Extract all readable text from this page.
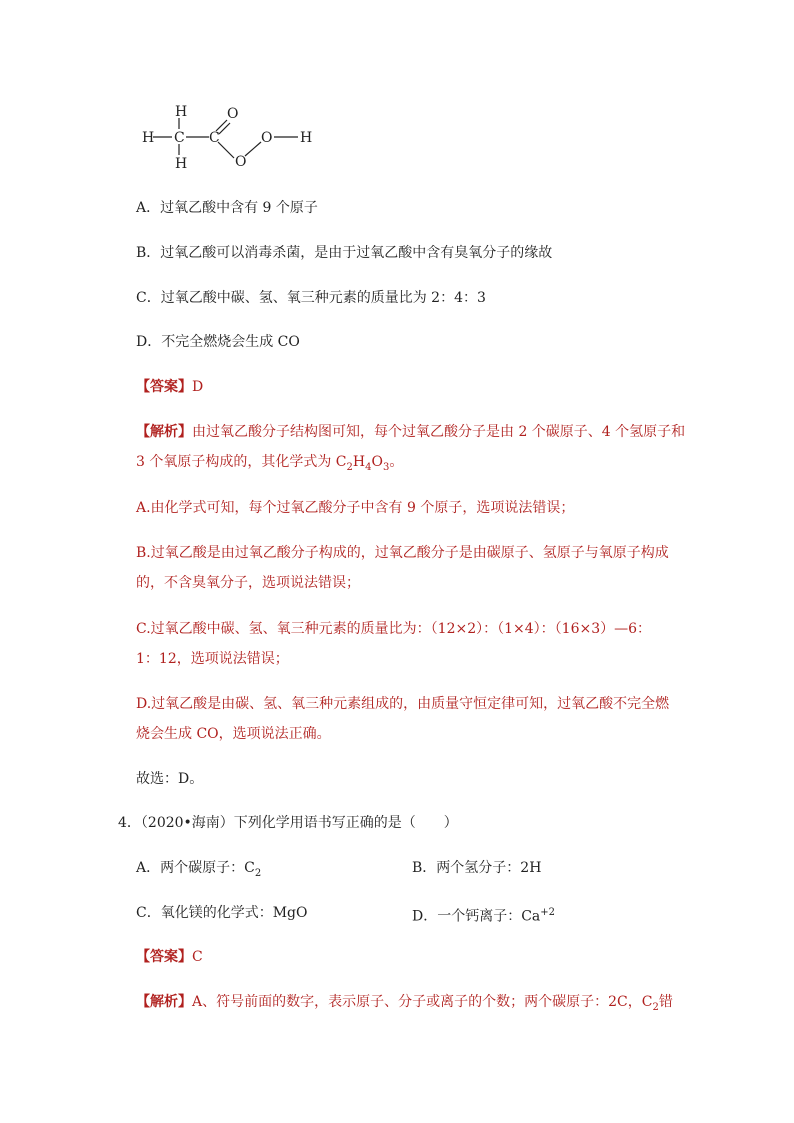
H
H C
H
O
O
O H
C
A．过氧乙酸中含有 9 个原子
B．过氧乙酸可以消毒杀菌，是由于过氧乙酸中含有臭氧分子的缘故
C．过氧乙酸中碳、氢、氧三种元素的质量比为 2：4：3
D．不完全燃烧会生成 CO
【答案】D
【解析】由过氧乙酸分子结构图可知，每个过氧乙酸分子是由 2 个碳原子、4 个氢原子和
3 个氧原子构成的，其化学式为 $C_2H_4O_3$。
A.由化学式可知，每个过氧乙酸分子中含有 9 个原子，选项说法错误；
B.过氧乙酸是由过氧乙酸分子构成的，过氧乙酸分子是由碳原子、氢原子与氧原子构成
的，不含臭氧分子，选项说法错误；
C.过氧乙酸中碳、氢、氧三种元素的质量比为：（12×2）：（1×4）：（16×3）—6：
1：12，选项说法错误；
D.过氧乙酸是由碳、氢、氧三种元素组成的，由质量守恒定律可知，过氧乙酸不完全燃
烧会生成 CO，选项说法正确。
故选：D。
4．（2020•海南）下列化学用语书写正确的是（　　）
A．两个碳原子：$C_2$	B．两个氢分子：2H
C．氧化镁的化学式：MgO	D．一个钙离子：$Ca^{+2}$
【答案】C
【解析】A、符号前面的数字，表示原子、分子或离子的个数；两个碳原子：2C，$C_2$错
